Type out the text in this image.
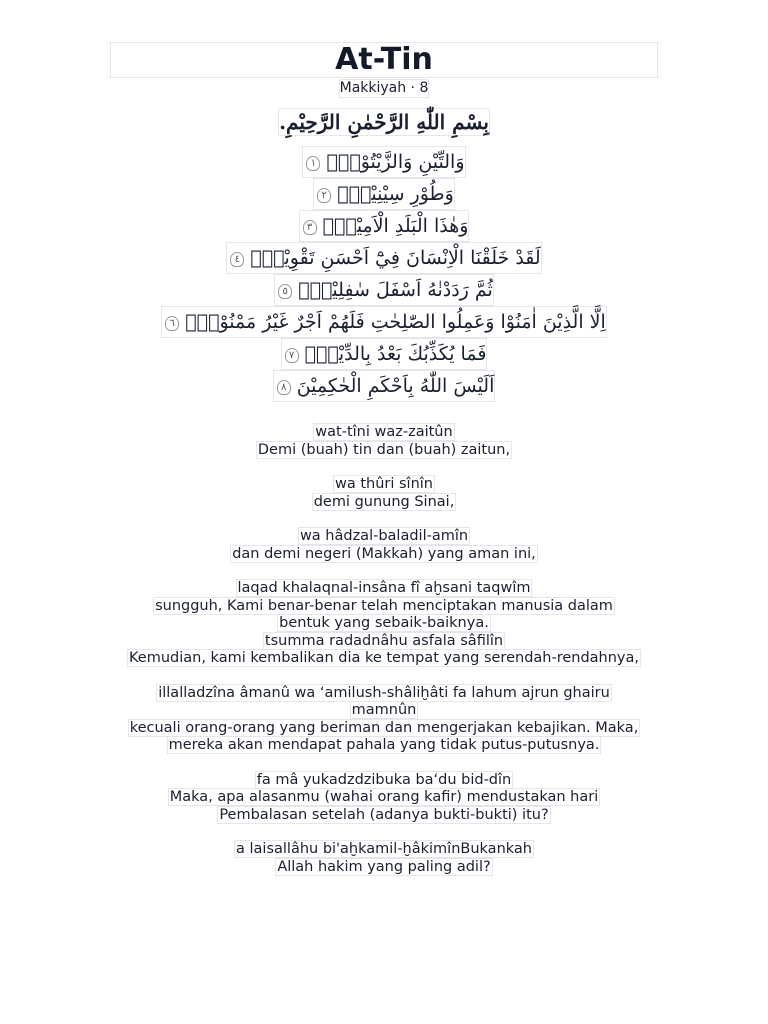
At-Tin
Makkiyah · 8
بِسْمِ اللّٰهِ الرَّحْمٰنِ الرَّحِيْمِ.
وَالتِّيْنِ وَالزَّيْتُوْنِۙ ١
وَطُوْرِ سِيْنِيْنَۙ ٢
وَهٰذَا الْبَلَدِ الْاَمِيْنِۙ ٣
لَقَدْ خَلَقْنَا الْاِنْسَانَ فِيْٓ اَحْسَنِ تَقْوِيْمٍۖ ٤
ثُمَّ رَدَدْنٰهُ اَسْفَلَ سٰفِلِيْنَۙ ٥
اِلَّا الَّذِيْنَ اٰمَنُوْا وَعَمِلُوا الصّٰلِحٰتِ فَلَهُمْ اَجْرٌ غَيْرُ مَمْنُوْنٍۗ ٦
فَمَا يُكَذِّبُكَ بَعْدُ بِالدِّيْنِۗ ٧
اَلَيْسَ اللّٰهُ بِاَحْكَمِ الْحٰكِمِيْنَ ٨
wat-tîni waz-zaitûn
Demi (buah) tin dan (buah) zaitun,
wa thûri sînîn
demi gunung Sinai,
wa hâdzal-baladil-amîn
dan demi negeri (Makkah) yang aman ini,
laqad khalaqnal-insâna fî aḫsani taqwîm
sungguh, Kami benar-benar telah menciptakan manusia dalam
bentuk yang sebaik-baiknya.
tsumma radadnâhu asfala sâfilîn
Kemudian, kami kembalikan dia ke tempat yang serendah-rendahnya,
illalladzîna âmanû wa ‘amilush-shâliḫâti fa lahum ajrun ghairu
mamnûn
kecuali orang-orang yang beriman dan mengerjakan kebajikan. Maka,
mereka akan mendapat pahala yang tidak putus-putusnya.
fa mâ yukadzdzibuka ba‘du bid-dîn
Maka, apa alasanmu (wahai orang kafir) mendustakan hari
Pembalasan setelah (adanya bukti-bukti) itu?
a laisallâhu bi'aḫkamil-ḫâkimînBukankah
Allah hakim yang paling adil?
